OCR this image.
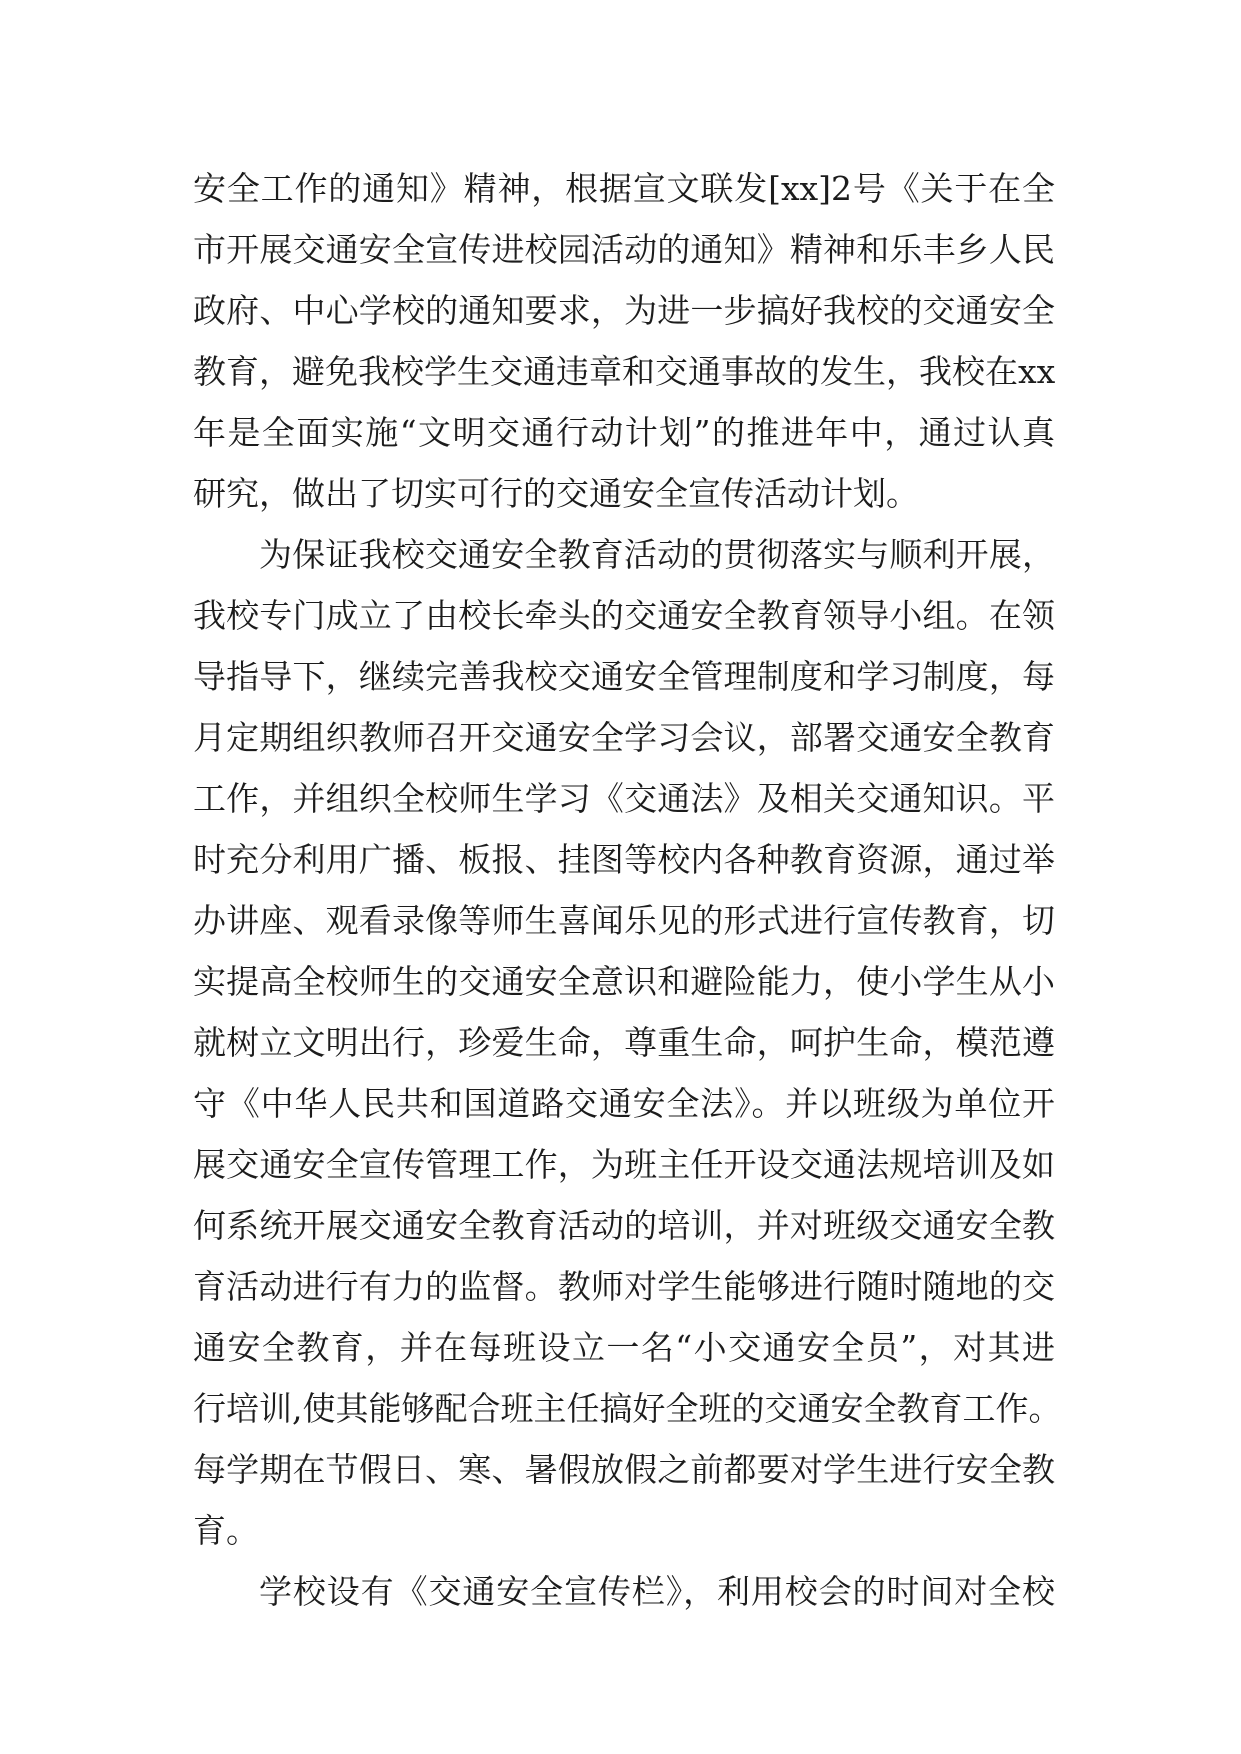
安全工作的通知》精神，根据宣文联发[xx]2号《关于在全
市开展交通安全宣传进校园活动的通知》精神和乐丰乡人民
政府、中心学校的通知要求，为进一步搞好我校的交通安全
教育，避免我校学生交通违章和交通事故的发生，我校在xx
年是全面实施“文明交通行动计划”的推进年中，通过认真
研究，做出了切实可行的交通安全宣传活动计划。
为保证我校交通安全教育活动的贯彻落实与顺利开展，
我校专门成立了由校长牵头的交通安全教育领导小组。在领
导指导下，继续完善我校交通安全管理制度和学习制度，每
月定期组织教师召开交通安全学习会议，部署交通安全教育
工作，并组织全校师生学习《交通法》及相关交通知识。平
时充分利用广播、板报、挂图等校内各种教育资源，通过举
办讲座、观看录像等师生喜闻乐见的形式进行宣传教育，切
实提高全校师生的交通安全意识和避险能力，使小学生从小
就树立文明出行，珍爱生命，尊重生命，呵护生命，模范遵
守《中华人民共和国道路交通安全法》。并以班级为单位开
展交通安全宣传管理工作，为班主任开设交通法规培训及如
何系统开展交通安全教育活动的培训，并对班级交通安全教
育活动进行有力的监督。教师对学生能够进行随时随地的交
通安全教育，并在每班设立一名“小交通安全员”，对其进
行培训,使其能够配合班主任搞好全班的交通安全教育工作。
每学期在节假日、寒、暑假放假之前都要对学生进行安全教
育。
学校设有《交通安全宣传栏》，利用校会的时间对全校
